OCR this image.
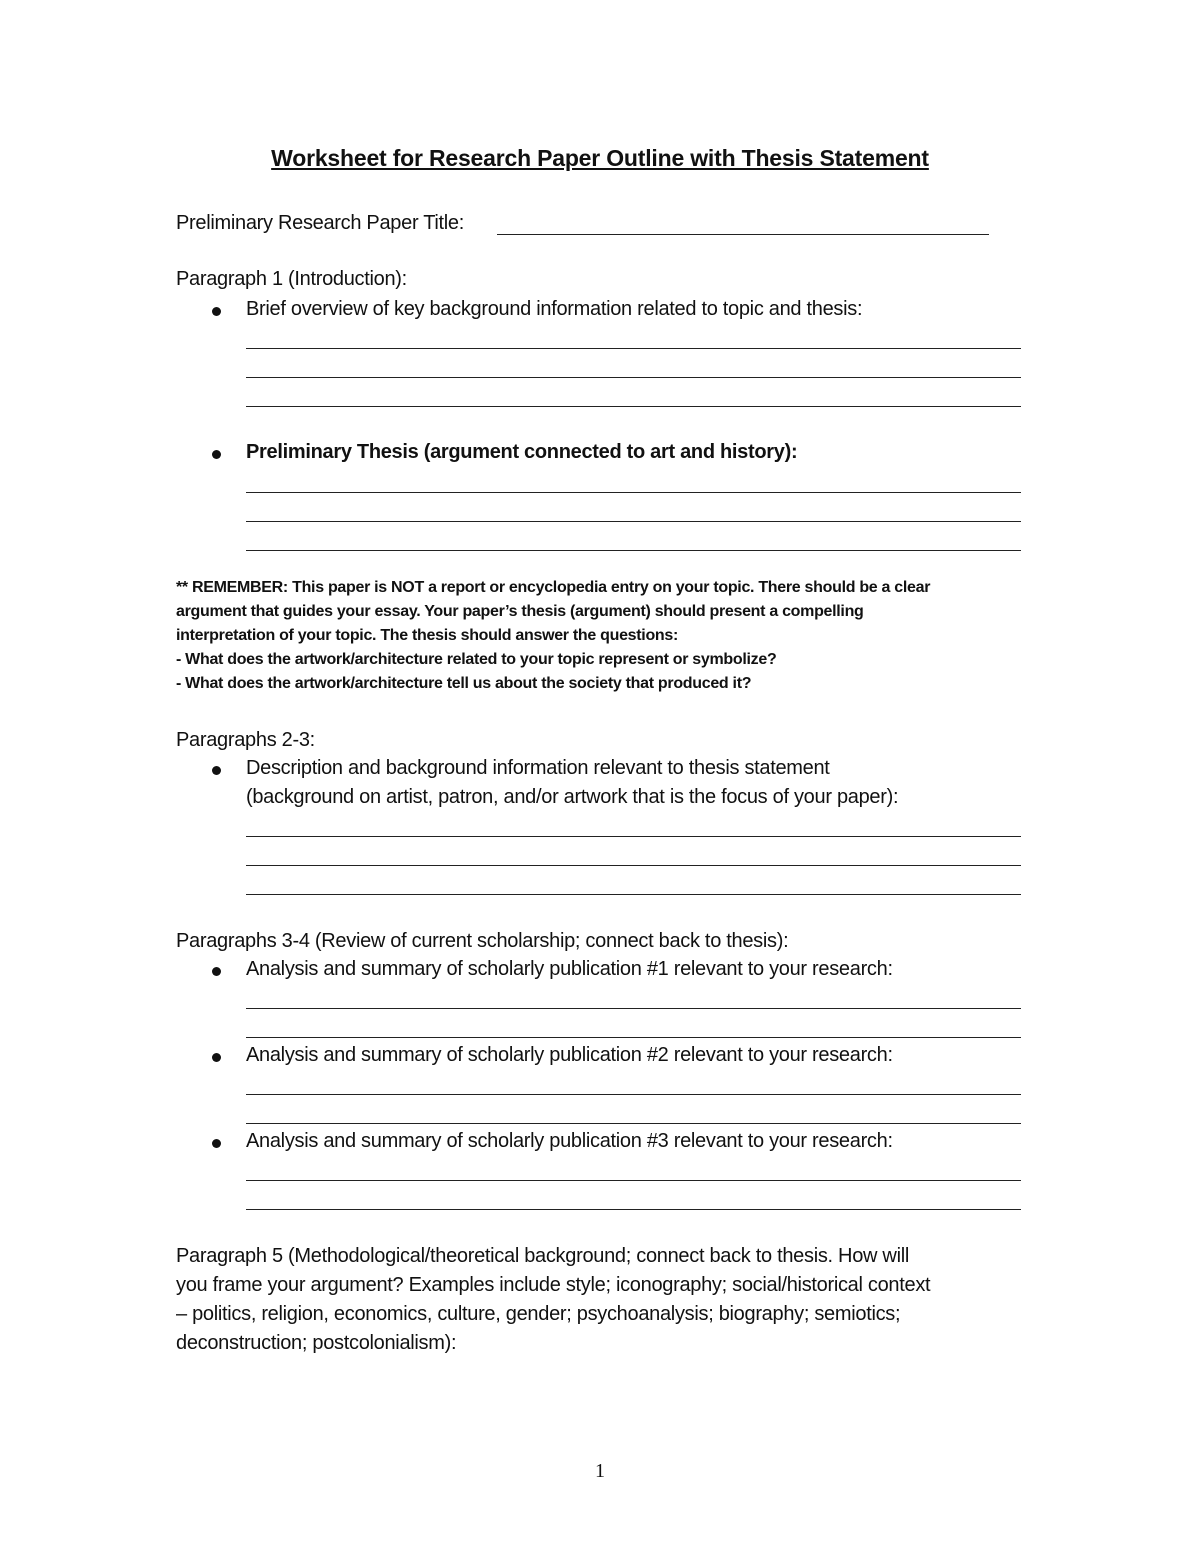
Worksheet for Research Paper Outline with Thesis Statement
Preliminary Research Paper Title:
Paragraph 1 (Introduction):
Brief overview of key background information related to topic and thesis:
Preliminary Thesis (argument connected to art and history):
** REMEMBER: This paper is NOT a report or encyclopedia entry on your topic. There should be a clear
argument that guides your essay. Your paper’s thesis (argument) should present a compelling
interpretation of your topic. The thesis should answer the questions:
- What does the artwork/architecture related to your topic represent or symbolize?
- What does the artwork/architecture tell us about the society that produced it?
Paragraphs 2-3:
Description and background information relevant to thesis statement
(background on artist, patron, and/or artwork that is the focus of your paper):
Paragraphs 3-4 (Review of current scholarship; connect back to thesis):
Analysis and summary of scholarly publication #1 relevant to your research:
Analysis and summary of scholarly publication #2 relevant to your research:
Analysis and summary of scholarly publication #3 relevant to your research:
Paragraph 5 (Methodological/theoretical background; connect back to thesis. How will
you frame your argument? Examples include style; iconography; social/historical context
– politics, religion, economics, culture, gender; psychoanalysis; biography; semiotics;
deconstruction; postcolonialism):
1
